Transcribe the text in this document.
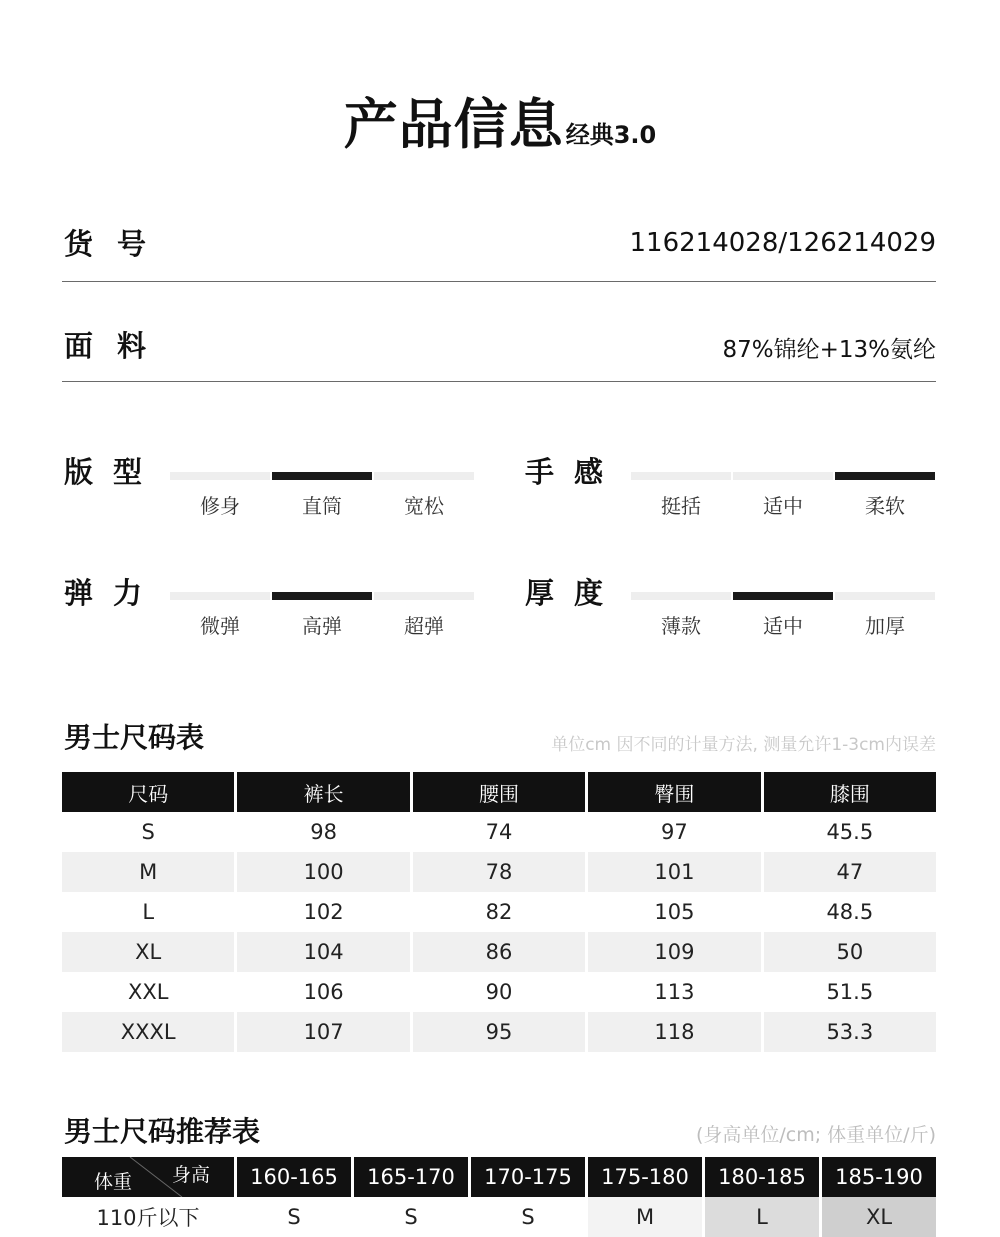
产品信息经典3.0
货号	116214028/126214029
面料	87%锦纶+13%氨纶
版型
修身	直筒	宽松
手感
挺括	适中	柔软
弹力
微弹	高弹	超弹
厚度
薄款	适中	加厚
男士尺码表	单位cm 因不同的计量方法, 测量允许1-3cm内误差
尺码	裤长	腰围	臀围	膝围
S	98	74	97	45.5
M	100	78	101	47
L	102	82	105	48.5
XL	104	86	109	50
XXL	106	90	113	51.5
XXXL	107	95	118	53.3
男士尺码推荐表	(身高单位/cm; 体重单位/斤)
体重 身高	160-165	165-170	170-175	175-180	180-185	185-190
110斤以下	S	S	S	M	L	XL
